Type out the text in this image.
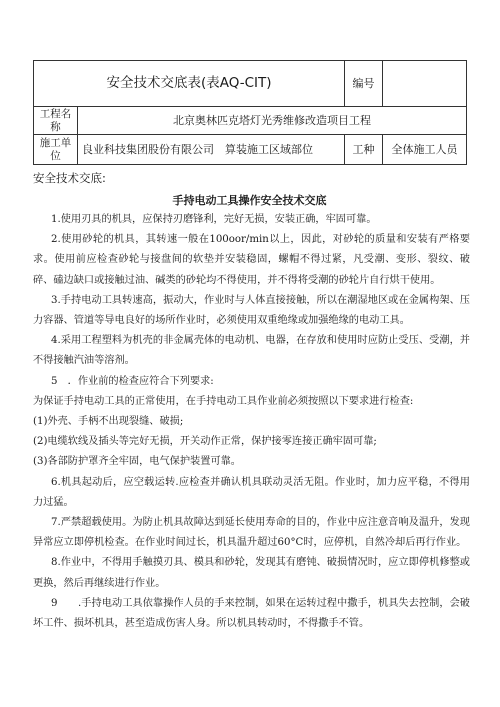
安全技术交底表(表AQ-CIT)		编号	
工程名称	北京奥林匹克塔灯光秀维修改造项目工程		
施工单位	良业科技集团股份有限公司　算装施工区域部位	工种	全体施工人员
安全技术交底:
手持电动工具操作安全技术交底

1.使用刃具的机具，应保持刃磨锋利，完好无损，安装正确，牢固可靠。

2.使用砂轮的机具，其转速一般在100oor/min以上，因此，对砂轮的质量和安装有严格要求。使用前应检查砂轮与接盘间的软垫并安装稳固，螺帽不得过紧，凡受潮、变形、裂纹、破碎、磕边缺口或接触过油、碱类的砂轮均不得使用，并不得将受潮的砂轮片自行烘干使用。

3.手持电动工具转速高，振动大，作业时与人体直接接触，所以在潮湿地区或在金属构架、压力容器、管道等导电良好的场所作业时，必须使用双重绝缘或加强绝缘的电动工具。

4.采用工程塑料为机壳的非金属壳体的电动机、电器，在存放和使用时应防止受压、受潮，并不得接触汽油等溶剂。

5　．作业前的检查应符合下列要求:

为保证手持电动工具的正常使用，在手持电动工具作业前必须按照以下要求进行检查:

(1)外壳、手柄不出现裂缝、破损;

(2)电缆软线及插头等完好无损，开关动作正常，保护接零连接正确牢固可靠;

(3)各部防护罩齐全牢固，电气保护装置可靠。

6.机具起动后，应空载运转.应检查并确认机具联动灵活无阻。作业时，加力应平稳，不得用力过猛。

7.严禁超载使用。为防止机具故障达到延长使用寿命的目的，作业中应注意音响及温升，发现异常应立即停机检查。在作业时间过长，机具温升超过60°C时，应停机，自然冷却后再行作业。

8.作业中，不得用手触摸刃具、模具和砂轮，发现其有磨钝、破损情况时，应立即停机修整或更换，然后再继续进行作业。

9　　.手持电动工具依靠操作人员的手来控制，如果在运转过程中撒手，机具失去控制，会破坏工件、损坏机具，甚至造成伤害人身。所以机具转动时，不得撒手不管。
